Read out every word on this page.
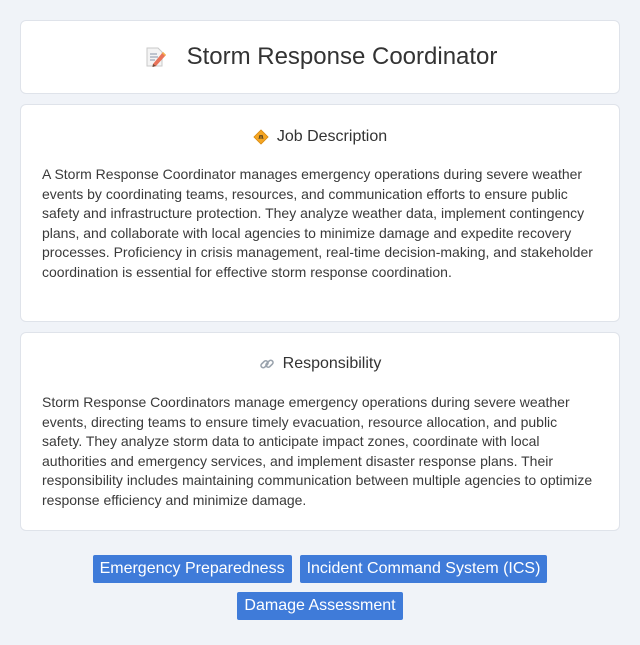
Storm Response Coordinator
Job Description

A Storm Response Coordinator manages emergency operations during severe weather events by coordinating teams, resources, and communication efforts to ensure public safety and infrastructure protection. They analyze weather data, implement contingency plans, and collaborate with local agencies to minimize damage and expedite recovery processes. Proficiency in crisis management, real-time decision-making, and stakeholder coordination is essential for effective storm response coordination.

Responsibility

Storm Response Coordinators manage emergency operations during severe weather events, directing teams to ensure timely evacuation, resource allocation, and public safety. They analyze storm data to anticipate impact zones, coordinate with local authorities and emergency services, and implement disaster response plans. Their responsibility includes maintaining communication between multiple agencies to optimize response efficiency and minimize damage.

Emergency Preparedness	Incident Command System (ICS)
Damage Assessment
